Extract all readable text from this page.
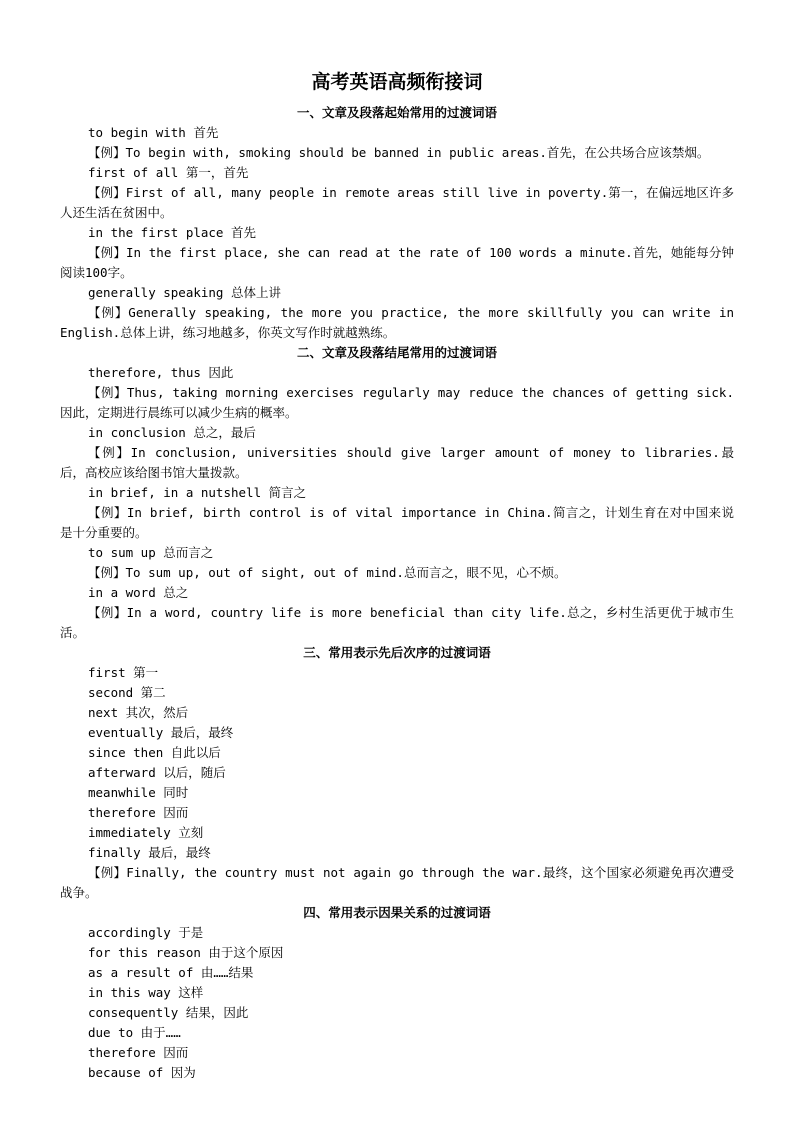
高考英语高频衔接词
一、文章及段落起始常用的过渡词语
to begin with 首先
【例】To begin with, smoking should be banned in public areas.首先，在公共场合应该禁烟。
first of all 第一，首先
【例】First of all, many people in remote areas still live in poverty.第一，在偏远地区许多人还生活在贫困中。
in the first place 首先
【例】In the first place, she can read at the rate of 100 words a minute.首先，她能每分钟阅读100字。
generally speaking 总体上讲
【例】Generally speaking, the more you practice, the more skillfully you can write in English.总体上讲，练习地越多，你英文写作时就越熟练。
二、文章及段落结尾常用的过渡词语
therefore, thus 因此
【例】Thus, taking morning exercises regularly may reduce the chances of getting sick.因此，定期进行晨练可以减少生病的概率。
in conclusion 总之，最后
【例】In conclusion, universities should give larger amount of money to libraries.最后，高校应该给图书馆大量拨款。
in brief, in a nutshell 简言之
【例】In brief, birth control is of vital importance in China.简言之，计划生育在对中国来说是十分重要的。
to sum up 总而言之
【例】To sum up, out of sight, out of mind.总而言之，眼不见，心不烦。
in a word 总之
【例】In a word, country life is more beneficial than city life.总之，乡村生活更优于城市生活。
三、常用表示先后次序的过渡词语
first 第一
second 第二
next 其次，然后
eventually 最后，最终
since then 自此以后
afterward 以后，随后
meanwhile 同时
therefore 因而
immediately 立刻
finally 最后，最终
【例】Finally, the country must not again go through the war.最终，这个国家必须避免再次遭受战争。
四、常用表示因果关系的过渡词语
accordingly 于是
for this reason 由于这个原因
as a result of 由……结果
in this way 这样
consequently 结果，因此
due to 由于……
therefore 因而
because of 因为
